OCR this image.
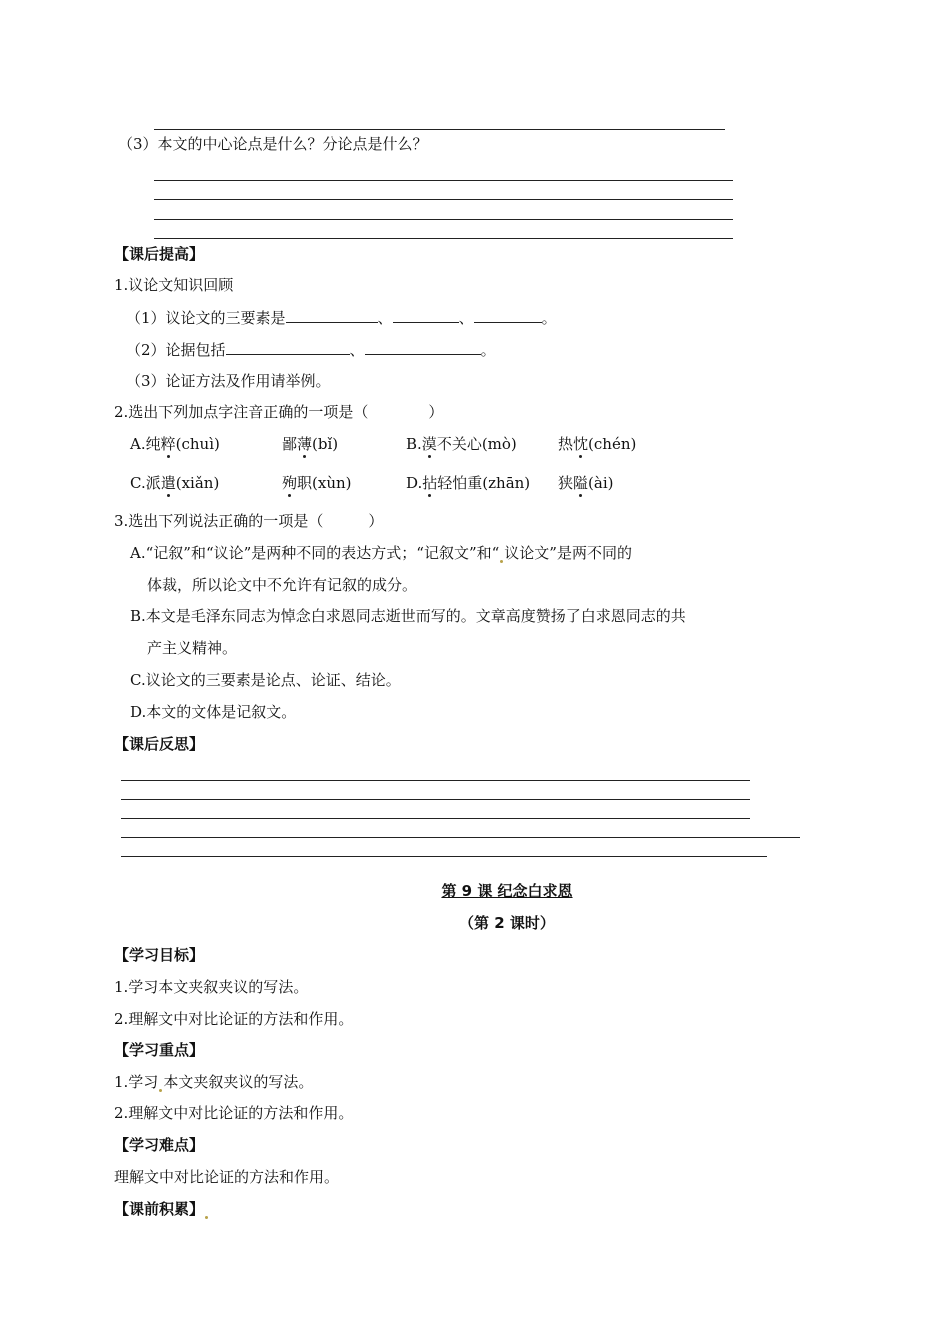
（3）本文的中心论点是什么？分论点是什么？
【课后提高】
1.议论文知识回顾
（1）议论文的三要素是	、	、	。
（2）论据包括	、	。
（3）论证方法及作用请举例。
2.选出下列加点字注音正确的一项是（　　　　）
A.纯粹(chuì)	鄙薄(bǐ)	B.漠不关心(mò)	热忱(chén)
C.派遣(xiǎn)	殉职(xùn)	D.拈轻怕重(zhān) 狭隘(ài)
3.选出下列说法正确的一项是（　　　）
A.“记叙”和“议论”是两种不同的表达方式；“记叙文”和“ 议论文”是两不同的
体裁，所以论文中不允许有记叙的成分。
B.本文是毛泽东同志为悼念白求恩同志逝世而写的。文章高度赞扬了白求恩同志的共
产主义精神。
C.议论文的三要素是论点、论证、结论。
D.本文的文体是记叙文。
【课后反思】
第 9 课 纪念白求恩
（第 2 课时）
【学习目标】
1.学习本文夹叙夹议的写法。
2.理解文中对比论证的方法和作用。
【学习重点】
1.学习 本文夹叙夹议的写法。
2.理解文中对比论证的方法和作用。
【学习难点】
理解文中对比论证的方法和作用。
【课前积累】
